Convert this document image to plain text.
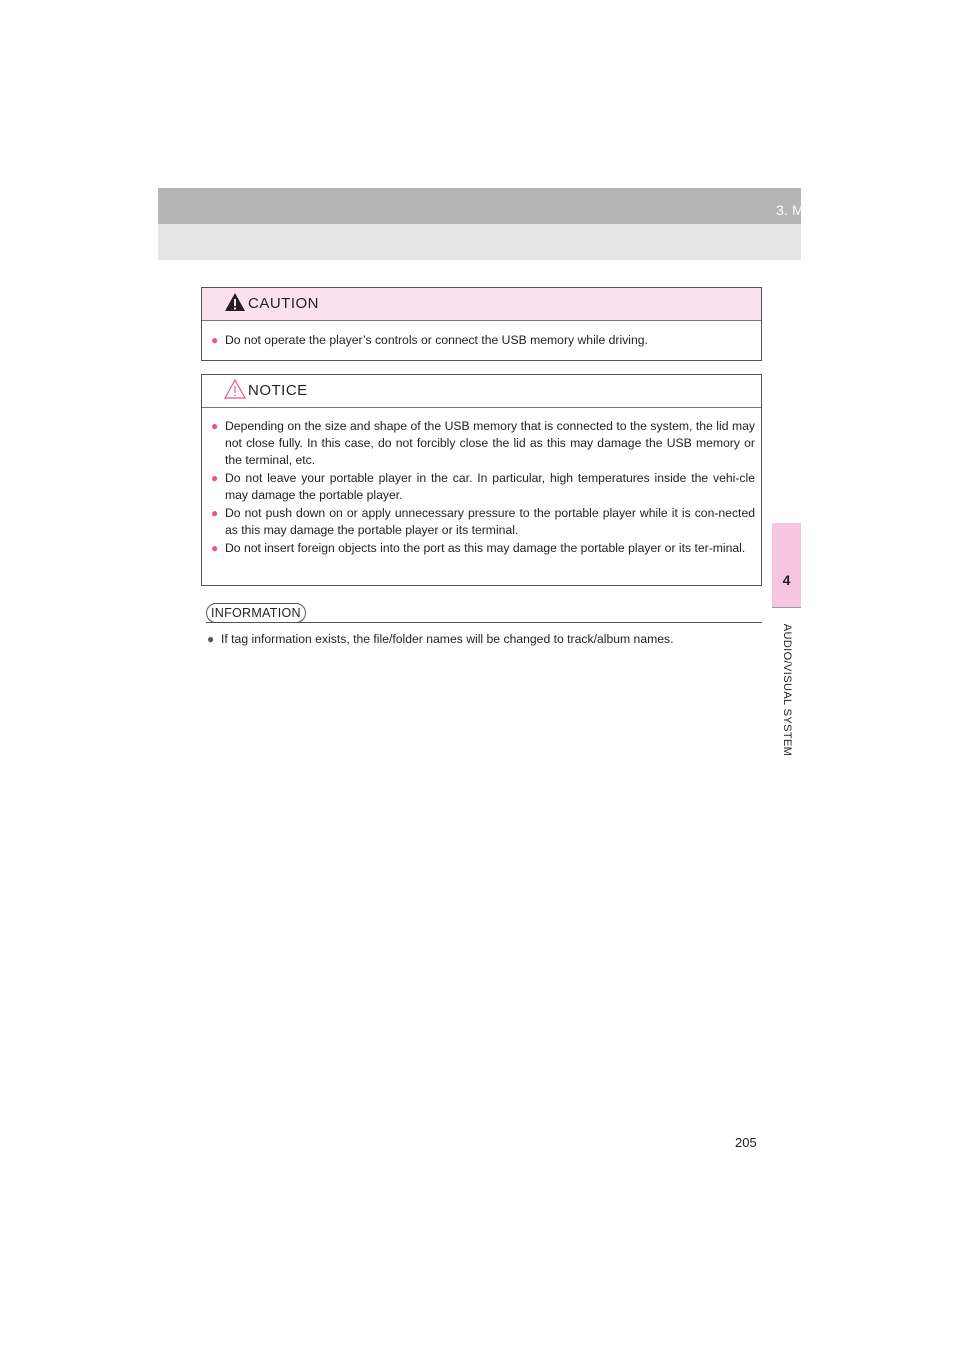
3. MEDIA OPERATION
4
AUDIO/VISUAL SYSTEM
CAUTION
● Do not operate the player’s controls or connect the USB memory while driving.
NOTICE
● Depending on the size and shape of the USB memory that is connected to the system, the lid may not close fully. In this case, do not forcibly close the lid as this may damage the USB memory or the terminal, etc.
● Do not leave your portable player in the car. In particular, high temperatures inside the vehi-cle may damage the portable player.
● Do not push down on or apply unnecessary pressure to the portable player while it is con-nected as this may damage the portable player or its terminal.
● Do not insert foreign objects into the port as this may damage the portable player or its ter-minal.
INFORMATION
● If tag information exists, the file/folder names will be changed to track/album names.
205
